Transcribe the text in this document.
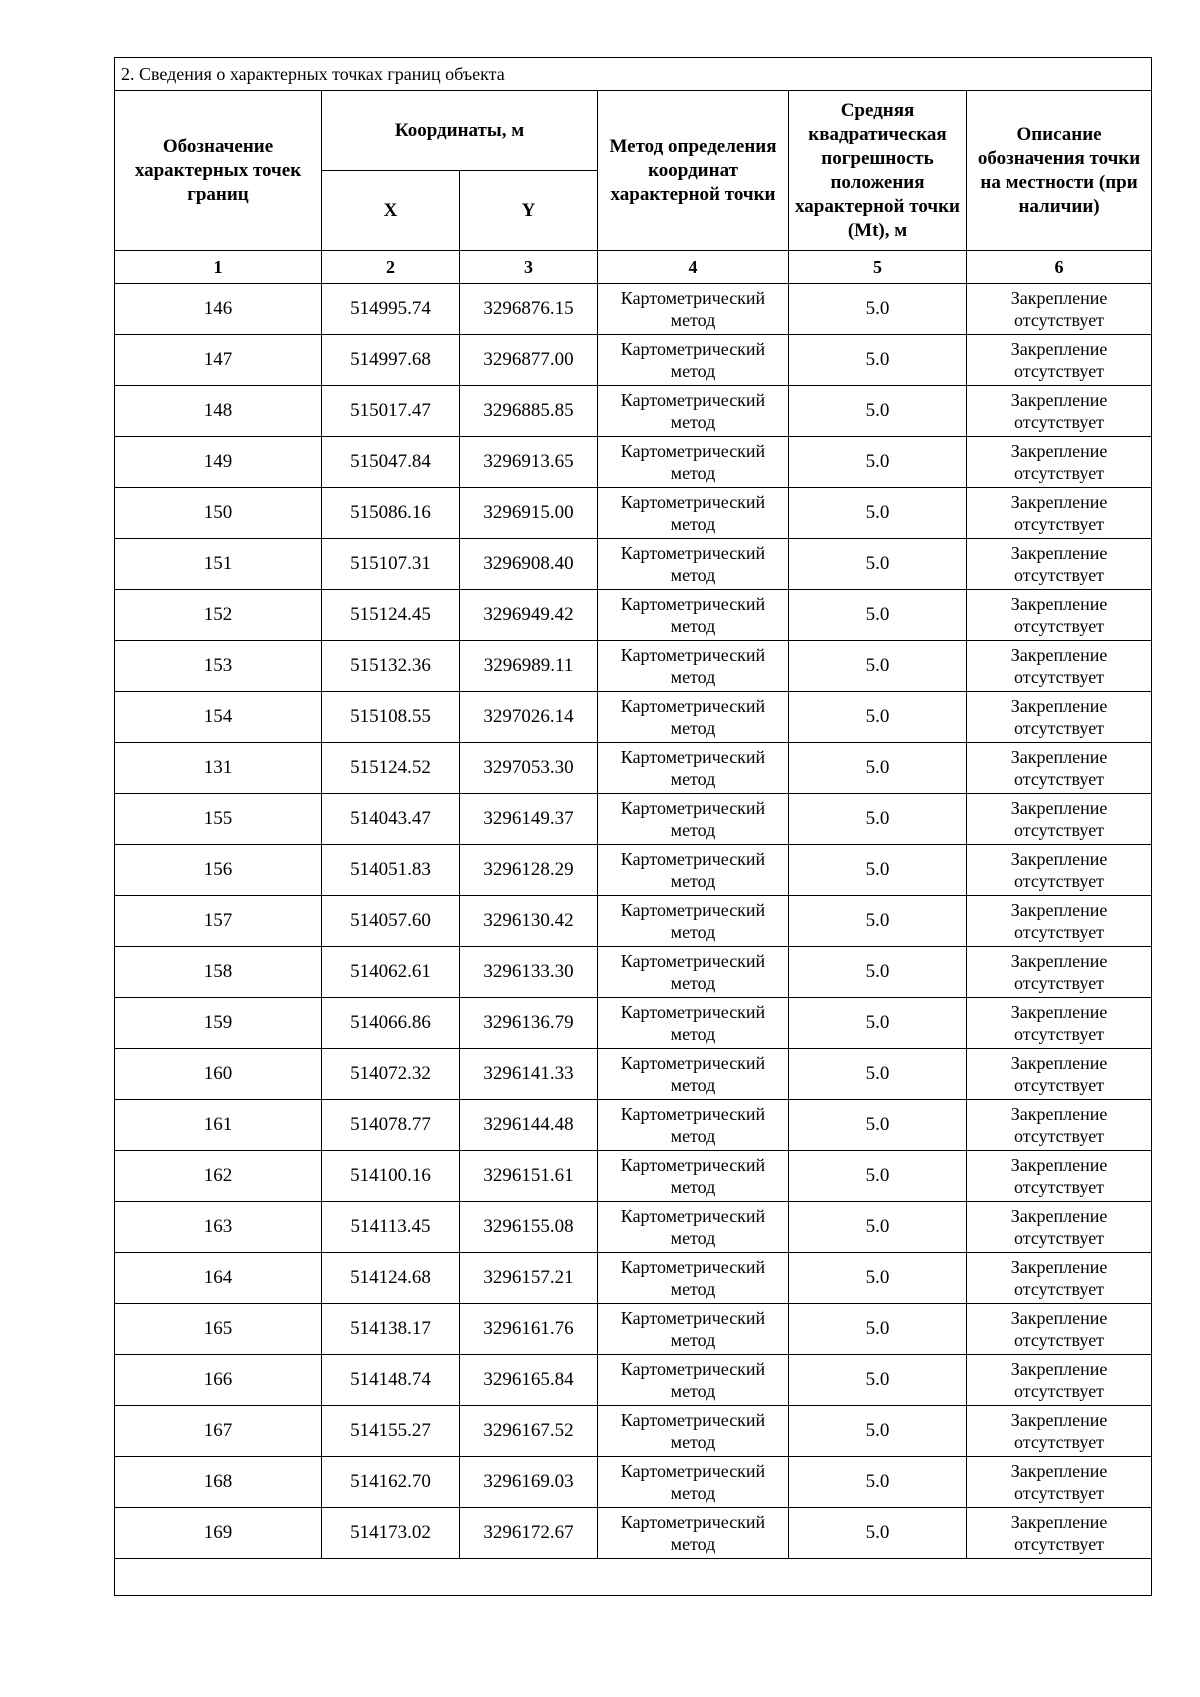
2. Сведения о характерных точках границ объекта					
Обозначение характерных точек границ	Координаты, м		Метод определения координат характерной точки	Средняя квадратическая погрешность положения характерной точки (Mt), м	Описание обозначения точки на местности (при наличии)
	X	Y			
1	2	3	4	5	6
146	514995.74	3296876.15	Картометрический метод	5.0	Закрепление отсутствует
147	514997.68	3296877.00	Картометрический метод	5.0	Закрепление отсутствует
148	515017.47	3296885.85	Картометрический метод	5.0	Закрепление отсутствует
149	515047.84	3296913.65	Картометрический метод	5.0	Закрепление отсутствует
150	515086.16	3296915.00	Картометрический метод	5.0	Закрепление отсутствует
151	515107.31	3296908.40	Картометрический метод	5.0	Закрепление отсутствует
152	515124.45	3296949.42	Картометрический метод	5.0	Закрепление отсутствует
153	515132.36	3296989.11	Картометрический метод	5.0	Закрепление отсутствует
154	515108.55	3297026.14	Картометрический метод	5.0	Закрепление отсутствует
131	515124.52	3297053.30	Картометрический метод	5.0	Закрепление отсутствует
155	514043.47	3296149.37	Картометрический метод	5.0	Закрепление отсутствует
156	514051.83	3296128.29	Картометрический метод	5.0	Закрепление отсутствует
157	514057.60	3296130.42	Картометрический метод	5.0	Закрепление отсутствует
158	514062.61	3296133.30	Картометрический метод	5.0	Закрепление отсутствует
159	514066.86	3296136.79	Картометрический метод	5.0	Закрепление отсутствует
160	514072.32	3296141.33	Картометрический метод	5.0	Закрепление отсутствует
161	514078.77	3296144.48	Картометрический метод	5.0	Закрепление отсутствует
162	514100.16	3296151.61	Картометрический метод	5.0	Закрепление отсутствует
163	514113.45	3296155.08	Картометрический метод	5.0	Закрепление отсутствует
164	514124.68	3296157.21	Картометрический метод	5.0	Закрепление отсутствует
165	514138.17	3296161.76	Картометрический метод	5.0	Закрепление отсутствует
166	514148.74	3296165.84	Картометрический метод	5.0	Закрепление отсутствует
167	514155.27	3296167.52	Картометрический метод	5.0	Закрепление отсутствует
168	514162.70	3296169.03	Картометрический метод	5.0	Закрепление отсутствует
169	514173.02	3296172.67	Картометрический метод	5.0	Закрепление отсутствует
